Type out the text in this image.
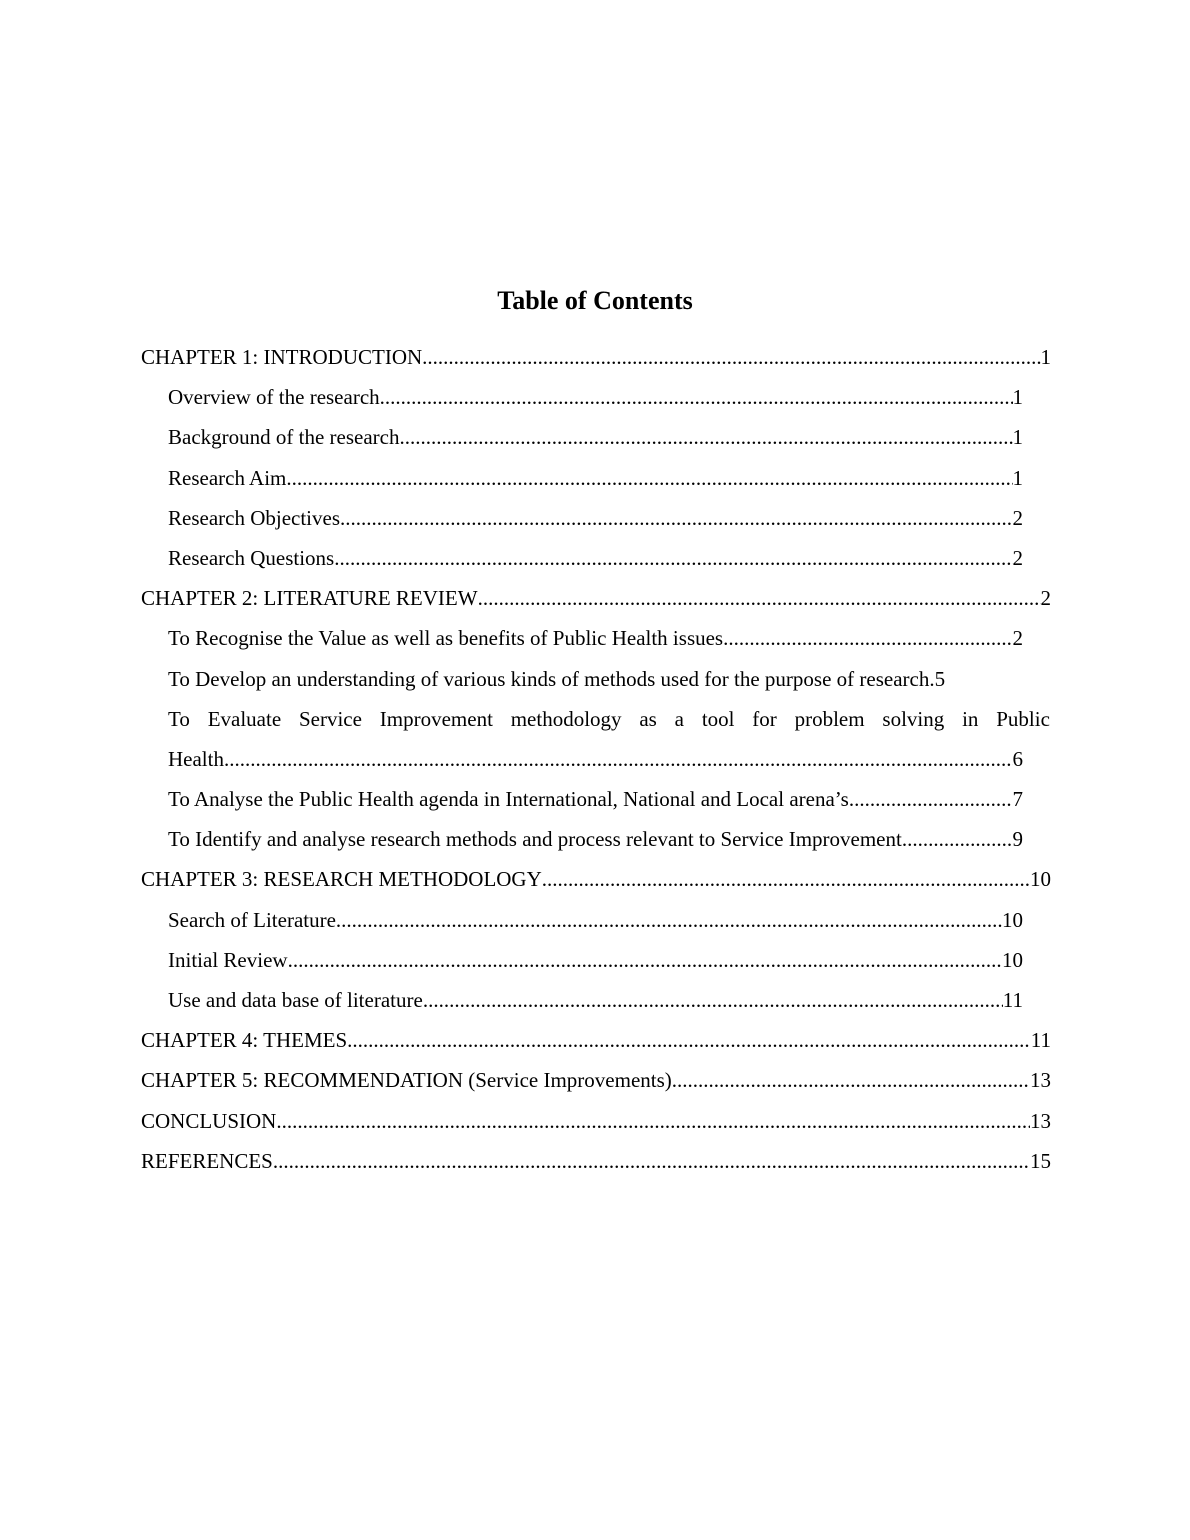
Table of Contents
CHAPTER 1: INTRODUCTION .....	1
Overview of the research .....	1
Background of the research .....	1
Research Aim .....	1
Research Objectives .....	2
Research Questions .....	2
CHAPTER 2: LITERATURE REVIEW .....	2
To Recognise the Value as well as benefits of Public Health issues .....	2
To Develop an understanding of various kinds of methods used for the purpose of research. 5
To Evaluate Service Improvement methodology as a tool for problem solving in Public
Health .....	6
To Analyse the Public Health agenda in International, National and Local arena’s .....	7
To Identify and analyse research methods and process relevant to Service Improvement. .....	9
CHAPTER 3: RESEARCH METHODOLOGY .....	10
Search of Literature .....	10
Initial Review .....	10
Use and data base of literature .....	11
CHAPTER 4: THEMES .....	11
CHAPTER 5: RECOMMENDATION (Service Improvements) .....	13
CONCLUSION .....	13
REFERENCES .....	15
